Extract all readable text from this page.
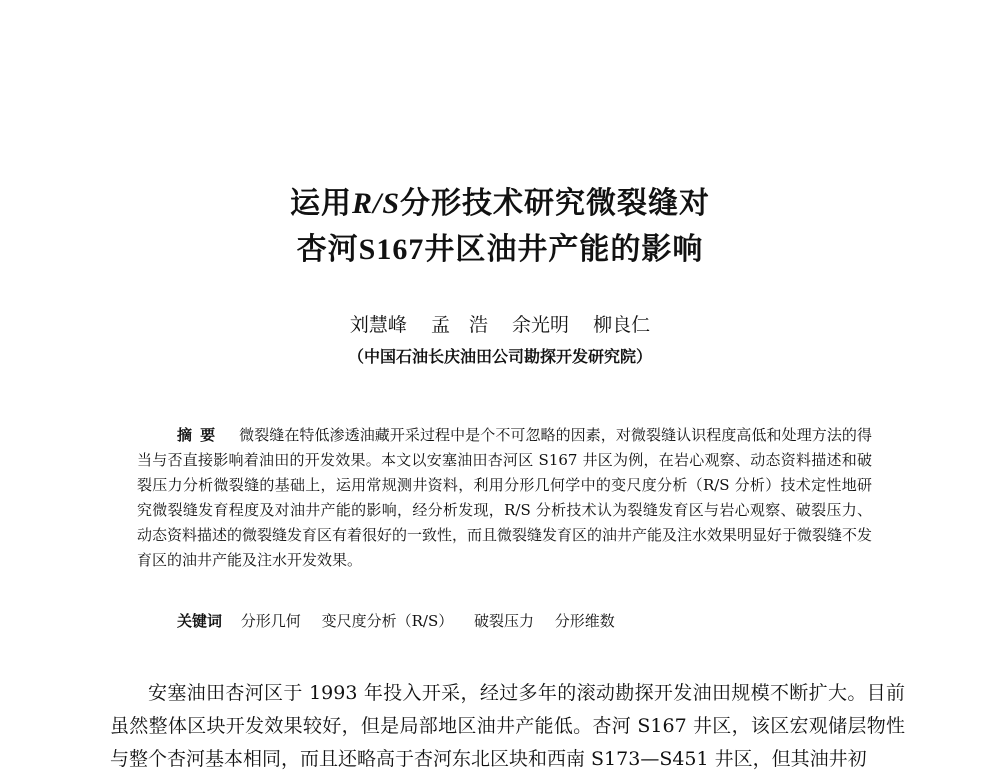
运用R/S分形技术研究微裂缝对
杏河S167井区油井产能的影响
刘慧峰 孟　浩 余光明 柳良仁
（中国石油长庆油田公司勘探开发研究院）
摘要 微裂缝在特低渗透油藏开采过程中是个不可忽略的因素，对微裂缝认识程度高低和处理方法的得当与否直接影响着油田的开发效果。本文以安塞油田杏河区 S167 井区为例，在岩心观察、动态资料描述和破裂压力分析微裂缝的基础上，运用常规测井资料，利用分形几何学中的变尺度分析（R/S 分析）技术定性地研究微裂缝发育程度及对油井产能的影响，经分析发现，R/S 分析技术认为裂缝发育区与岩心观察、破裂压力、动态资料描述的微裂缝发育区有着很好的一致性，而且微裂缝发育区的油井产能及注水效果明显好于微裂缝不发育区的油井产能及注水开发效果。
关键词 分形几何 变尺度分析（R/S） 破裂压力 分形维数

安塞油田杏河区于 1993 年投入开采，经过多年的滚动勘探开发油田规模不断扩大。目前虽然整体区块开发效果较好，但是局部地区油井产能低。杏河 S167 井区，该区宏观储层物性与整个杏河基本相同，而且还略高于杏河东北区块和西南 S173—S451 井区，但其油井初
